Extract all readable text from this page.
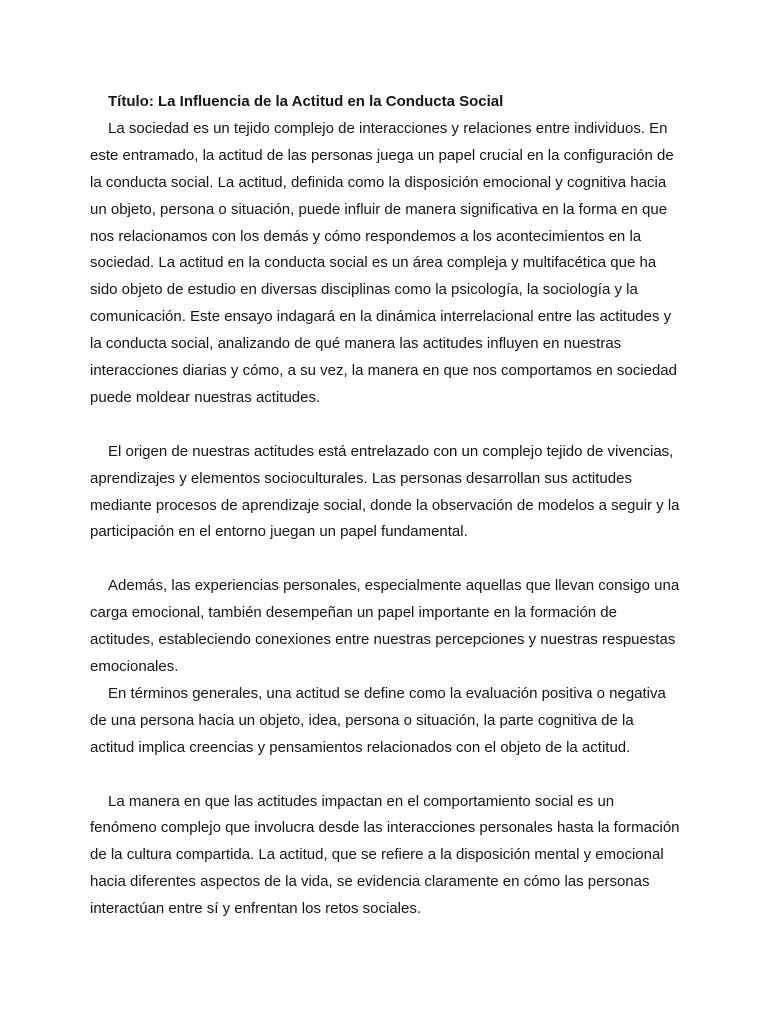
Título: La Influencia de la Actitud en la Conducta Social

La sociedad es un tejido complejo de interacciones y relaciones entre individuos. En este entramado, la actitud de las personas juega un papel crucial en la configuración de la conducta social. La actitud, definida como la disposición emocional y cognitiva hacia un objeto, persona o situación, puede influir de manera significativa en la forma en que nos relacionamos con los demás y cómo respondemos a los acontecimientos en la sociedad. La actitud en la conducta social es un área compleja y multifacética que ha sido objeto de estudio en diversas disciplinas como la psicología, la sociología y la comunicación. Este ensayo indagará en la dinámica interrelacional entre las actitudes y la conducta social, analizando de qué manera las actitudes influyen en nuestras interacciones diarias y cómo, a su vez, la manera en que nos comportamos en sociedad puede moldear nuestras actitudes.

El origen de nuestras actitudes está entrelazado con un complejo tejido de vivencias, aprendizajes y elementos socioculturales. Las personas desarrollan sus actitudes mediante procesos de aprendizaje social, donde la observación de modelos a seguir y la participación en el entorno juegan un papel fundamental.

Además, las experiencias personales, especialmente aquellas que llevan consigo una carga emocional, también desempeñan un papel importante en la formación de actitudes, estableciendo conexiones entre nuestras percepciones y nuestras respuestas emocionales.

En términos generales, una actitud se define como la evaluación positiva o negativa de una persona hacia un objeto, idea, persona o situación, la parte cognitiva de la actitud implica creencias y pensamientos relacionados con el objeto de la actitud.

La manera en que las actitudes impactan en el comportamiento social es un fenómeno complejo que involucra desde las interacciones personales hasta la formación de la cultura compartida. La actitud, que se refiere a la disposición mental y emocional hacia diferentes aspectos de la vida, se evidencia claramente en cómo las personas interactúan entre sí y enfrentan los retos sociales.
